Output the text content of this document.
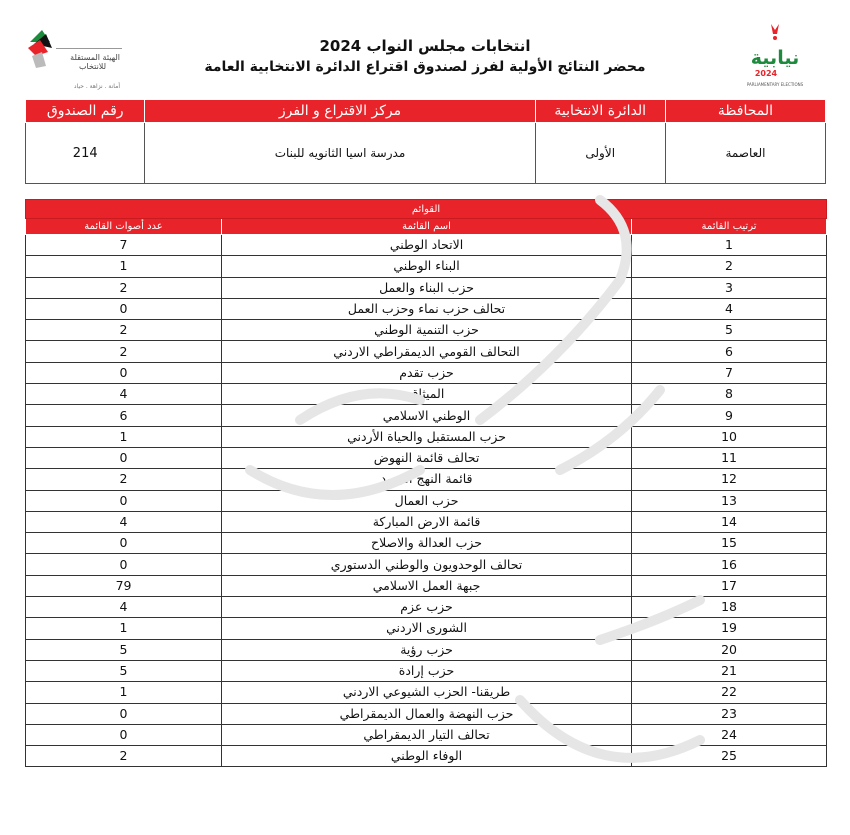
الهيئة المستقلة
للانتخاب
أمانة . نزاهة . حياد
انتخابات مجلس النواب 2024
محضر النتائج الأولية لفرز لصندوق اقتراع الدائرة الانتخابية العامة	نيابية
2024
PARLIAMENTARY ELECTIONS
المحافظة	الدائرة الانتخابية	مركز الاقتراع و الفرز	رقم الصندوق
العاصمة	الأولى	مدرسة اسيا الثانويه للبنات	214
القوائم		
ترتيب القائمة	اسم القائمة	عدد أصوات القائمة
1	الاتحاد الوطني	7
2	البناء الوطني	1
3	حزب البناء والعمل	2
4	تحالف حزب نماء وحزب العمل	0
5	حزب التنمية الوطني	2
6	التحالف القومي الديمقراطي الاردني	2
7	حزب تقدم	0
8	الميثاق	4
9	الوطني الاسلامي	6
10	حزب المستقبل والحياة الأردني	1
11	تحالف قائمة النهوض	0
12	قائمة النهج الجديد	2
13	حزب العمال	0
14	قائمة الارض المباركة	4
15	حزب العدالة والاصلاح	0
16	تحالف الوحدويون والوطني الدستوري	0
17	جبهة العمل الاسلامي	79
18	حزب عزم	4
19	الشورى الاردني	1
20	حزب رؤية	5
21	حزب إرادة	5
22	طريقنا- الحزب الشيوعي الاردني	1
23	حزب النهضة والعمال الديمقراطي	0
24	تحالف التيار الديمقراطي	0
25	الوفاء الوطني	2
